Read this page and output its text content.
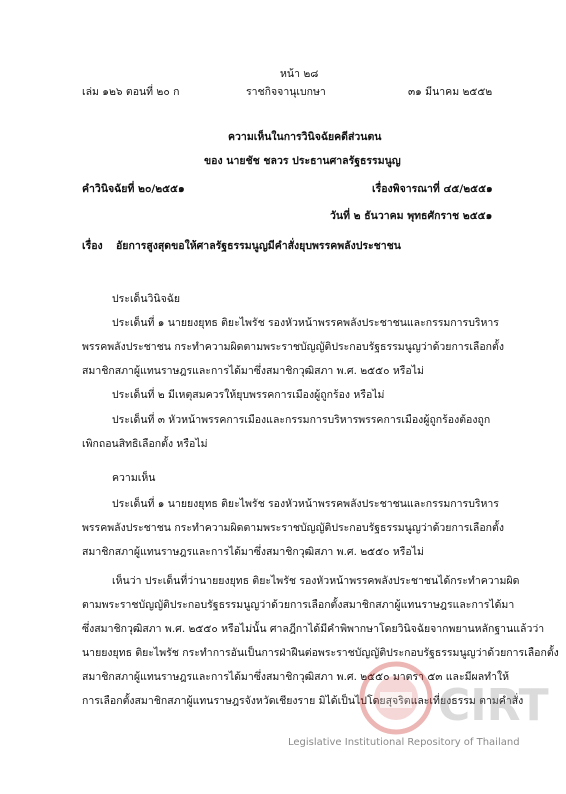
หน้า ๒๘
เล่ม ๑๒๖ ตอนที่ ๒๐ ก	ราชกิจจานุเบกษา	๓๑ มีนาคม ๒๕๕๒
ความเห็นในการวินิจฉัยคดีส่วนตน
ของ นายชัช ชลวร ประธานศาลรัฐธรรมนูญ
คำวินิจฉัยที่ ๒๐/๒๕๕๑	เรื่องพิจารณาที่ ๔๕/๒๕๕๑
วันที่ ๒ ธันวาคม พุทธศักราช ๒๕๕๑
เรื่อง อัยการสูงสุดขอให้ศาลรัฐธรรมนูญมีคำสั่งยุบพรรคพลังประชาชน
ประเด็นวินิจฉัย
ประเด็นที่ ๑ นายยงยุทธ ติยะไพรัช รองหัวหน้าพรรคพลังประชาชนและกรรมการบริหาร
พรรคพลังประชาชน กระทำความผิดตามพระราชบัญญัติประกอบรัฐธรรมนูญว่าด้วยการเลือกตั้ง
สมาชิกสภาผู้แทนราษฎรและการได้มาซึ่งสมาชิกวุฒิสภา พ.ศ. ๒๕๕๐ หรือไม่
ประเด็นที่ ๒ มีเหตุสมควรให้ยุบพรรคการเมืองผู้ถูกร้อง หรือไม่
ประเด็นที่ ๓ หัวหน้าพรรคการเมืองและกรรมการบริหารพรรคการเมืองผู้ถูกร้องต้องถูก
เพิกถอนสิทธิเลือกตั้ง หรือไม่
ความเห็น
ประเด็นที่ ๑ นายยงยุทธ ติยะไพรัช รองหัวหน้าพรรคพลังประชาชนและกรรมการบริหาร
พรรคพลังประชาชน กระทำความผิดตามพระราชบัญญัติประกอบรัฐธรรมนูญว่าด้วยการเลือกตั้ง
สมาชิกสภาผู้แทนราษฎรและการได้มาซึ่งสมาชิกวุฒิสภา พ.ศ. ๒๕๕๐ หรือไม่
เห็นว่า ประเด็นที่ว่านายยงยุทธ ติยะไพรัช รองหัวหน้าพรรคพลังประชาชนได้กระทำความผิด
ตามพระราชบัญญัติประกอบรัฐธรรมนูญว่าด้วยการเลือกตั้งสมาชิกสภาผู้แทนราษฎรและการได้มา
ซึ่งสมาชิกวุฒิสภา พ.ศ. ๒๕๕๐ หรือไม่นั้น ศาลฎีกาได้มีคำพิพากษาโดยวินิจฉัยจากพยานหลักฐานแล้วว่า
นายยงยุทธ ติยะไพรัช กระทำการอันเป็นการฝ่าฝืนต่อพระราชบัญญัติประกอบรัฐธรรมนูญว่าด้วยการเลือกตั้ง
สมาชิกสภาผู้แทนราษฎรและการได้มาซึ่งสมาชิกวุฒิสภา พ.ศ. ๒๕๕๐ มาตรา ๕๓ และมีผลทำให้
การเลือกตั้งสมาชิกสภาผู้แทนราษฎรจังหวัดเชียงราย มิได้เป็นไปโดยสุจริตและเที่ยงธรรม ตามคำสั่ง
CIRT
Legislative Institutional Repository of Thailand
